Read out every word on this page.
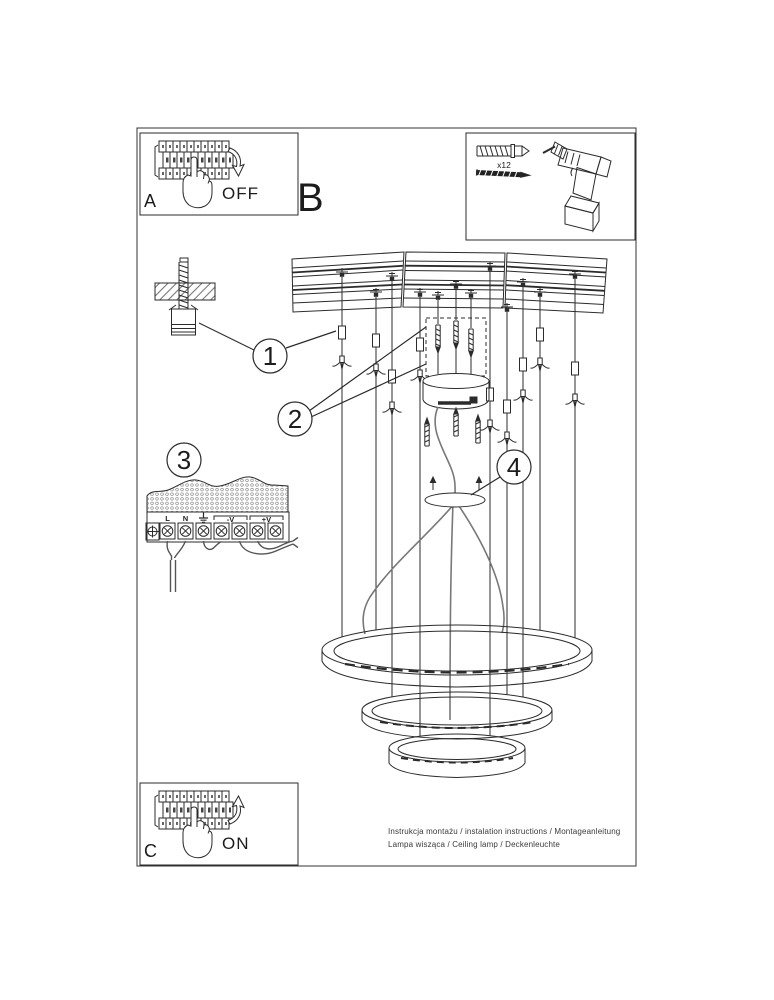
A	OFF B
x12
1
2
3	4
L N	-V	+V
C	ON
Instrukcja montażu / instalation instructions / Montageanleitung
Lampa wisząca / Ceiling lamp / Deckenleuchte
